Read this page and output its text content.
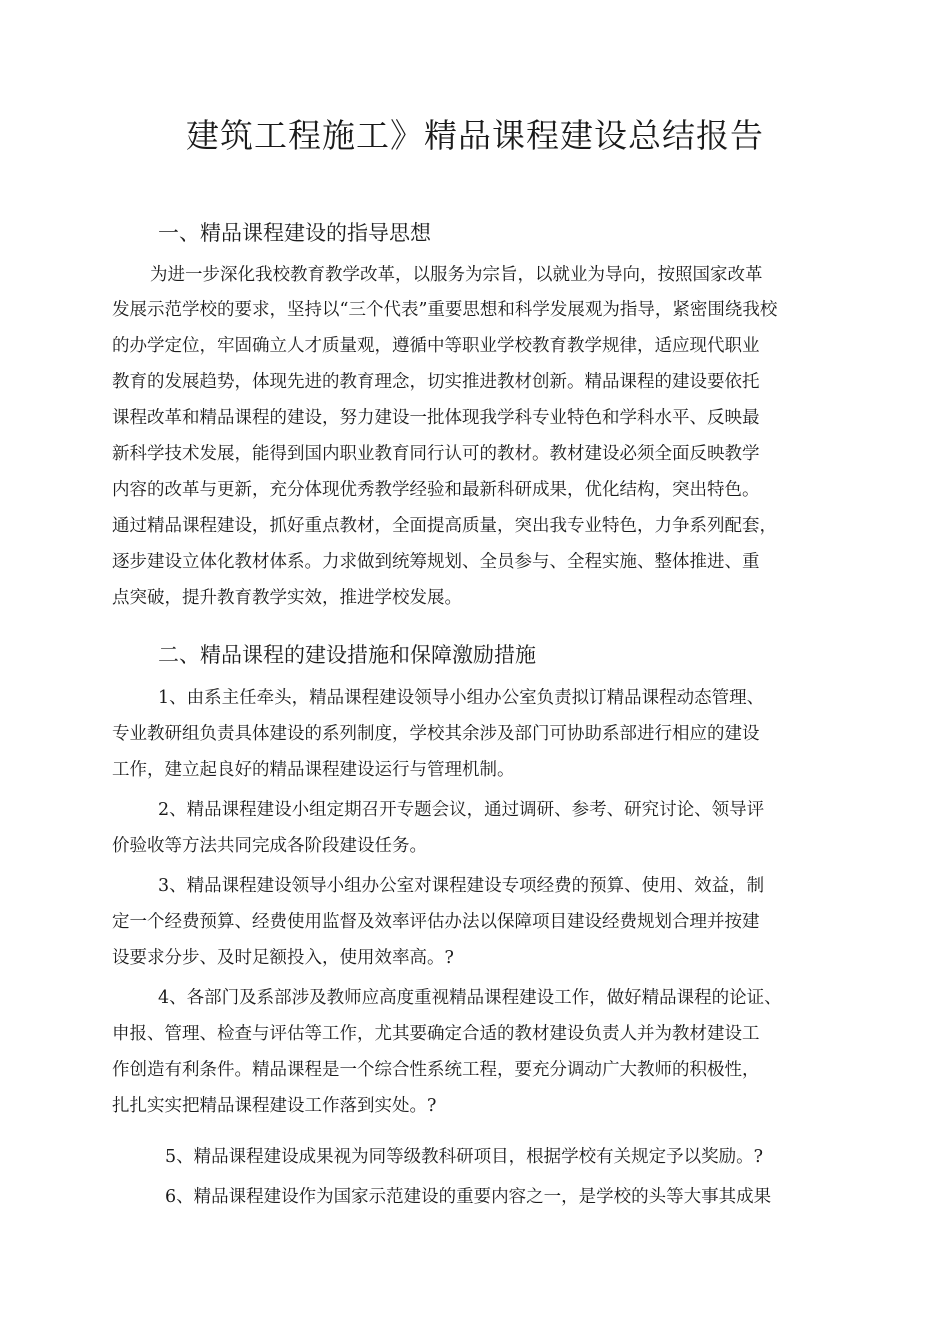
建筑工程施工》精品课程建设总结报告
一、精品课程建设的指导思想

为进一步深化我校教育教学改革，以服务为宗旨，以就业为导向，按照国家改革

发展示范学校的要求，坚持以“三个代表”重要思想和科学发展观为指导，紧密围绕我校

的办学定位，牢固确立人才质量观，遵循中等职业学校教育教学规律，适应现代职业

教育的发展趋势，体现先进的教育理念，切实推进教材创新。精品课程的建设要依托

课程改革和精品课程的建设，努力建设一批体现我学科专业特色和学科水平、反映最

新科学技术发展，能得到国内职业教育同行认可的教材。教材建设必须全面反映教学

内容的改革与更新，充分体现优秀教学经验和最新科研成果，优化结构，突出特色。

通过精品课程建设，抓好重点教材，全面提高质量，突出我专业特色，力争系列配套，

逐步建设立体化教材体系。力求做到统筹规划、全员参与、全程实施、整体推进、重

点突破，提升教育教学实效，推进学校发展。

二、精品课程的建设措施和保障激励措施

1、由系主任牵头，精品课程建设领导小组办公室负责拟订精品课程动态管理、

专业教研组负责具体建设的系列制度，学校其余涉及部门可协助系部进行相应的建设

工作，建立起良好的精品课程建设运行与管理机制。

2、精品课程建设小组定期召开专题会议，通过调研、参考、研究讨论、领导评

价验收等方法共同完成各阶段建设任务。

3、精品课程建设领导小组办公室对课程建设专项经费的预算、使用、效益，制

定一个经费预算、经费使用监督及效率评估办法以保障项目建设经费规划合理并按建

设要求分步、及时足额投入，使用效率高。?

4、各部门及系部涉及教师应高度重视精品课程建设工作，做好精品课程的论证、

申报、管理、检查与评估等工作，尤其要确定合适的教材建设负责人并为教材建设工

作创造有利条件。精品课程是一个综合性系统工程，要充分调动广大教师的积极性，

扎扎实实把精品课程建设工作落到实处。?

5、精品课程建设成果视为同等级教科研项目，根据学校有关规定予以奖励。?

6、精品课程建设作为国家示范建设的重要内容之一，是学校的头等大事其成果
